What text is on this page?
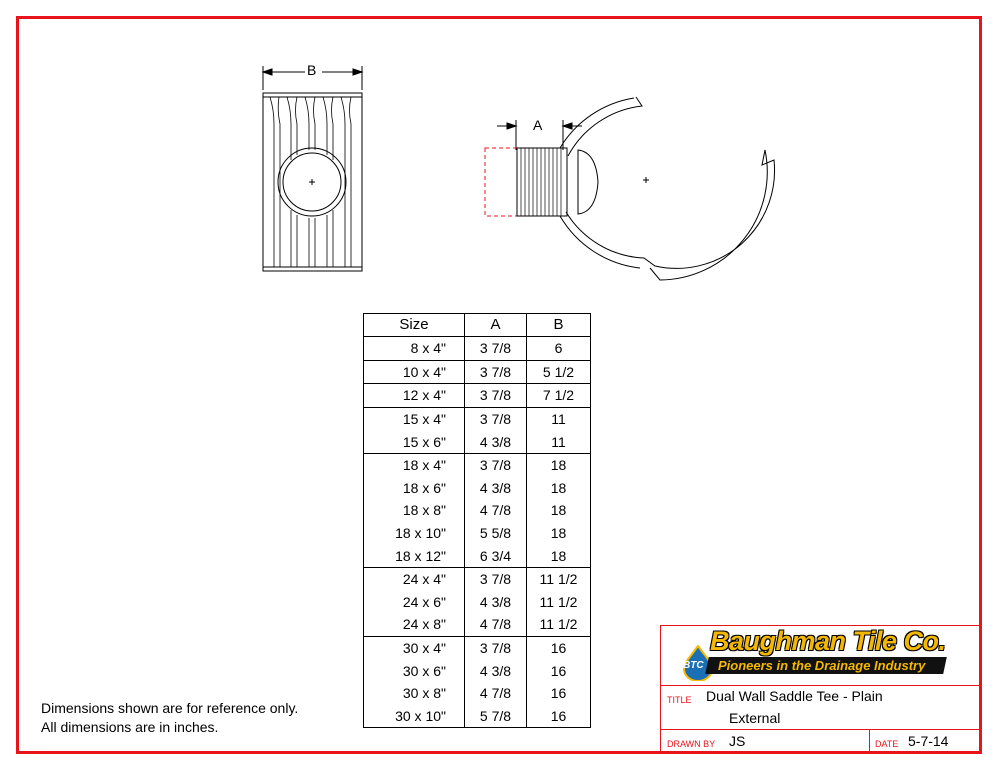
B
A
Size	A	B
8 x 4"	3 7/8	6
10 x 4"	3 7/8	5 1/2
12 x 4"	3 7/8	7 1/2
15 x 4"	3 7/8	11
15 x 6"	4 3/8	11
18 x 4"	3 7/8	18
18 x 6"	4 3/8	18
18 x 8"	4 7/8	18
18 x 10"	5 5/8	18
18 x 12"	6 3/4	18
24 x 4"	3 7/8	11 1/2
24 x 6"	4 3/8	11 1/2
24 x 8"	4 7/8	11 1/2
30 x 4"	3 7/8	16
30 x 6"	4 3/8	16
30 x 8"	4 7/8	16
30 x 10"	5 7/8	16
Dimensions shown are for reference only.
All dimensions are in inches.
TITLE Dual Wall Saddle Tee - Plain
External
DRAWN BY JS	DATE 5-7-14
BTC
Baughman Tile Co.
Pioneers in the Drainage Industry
